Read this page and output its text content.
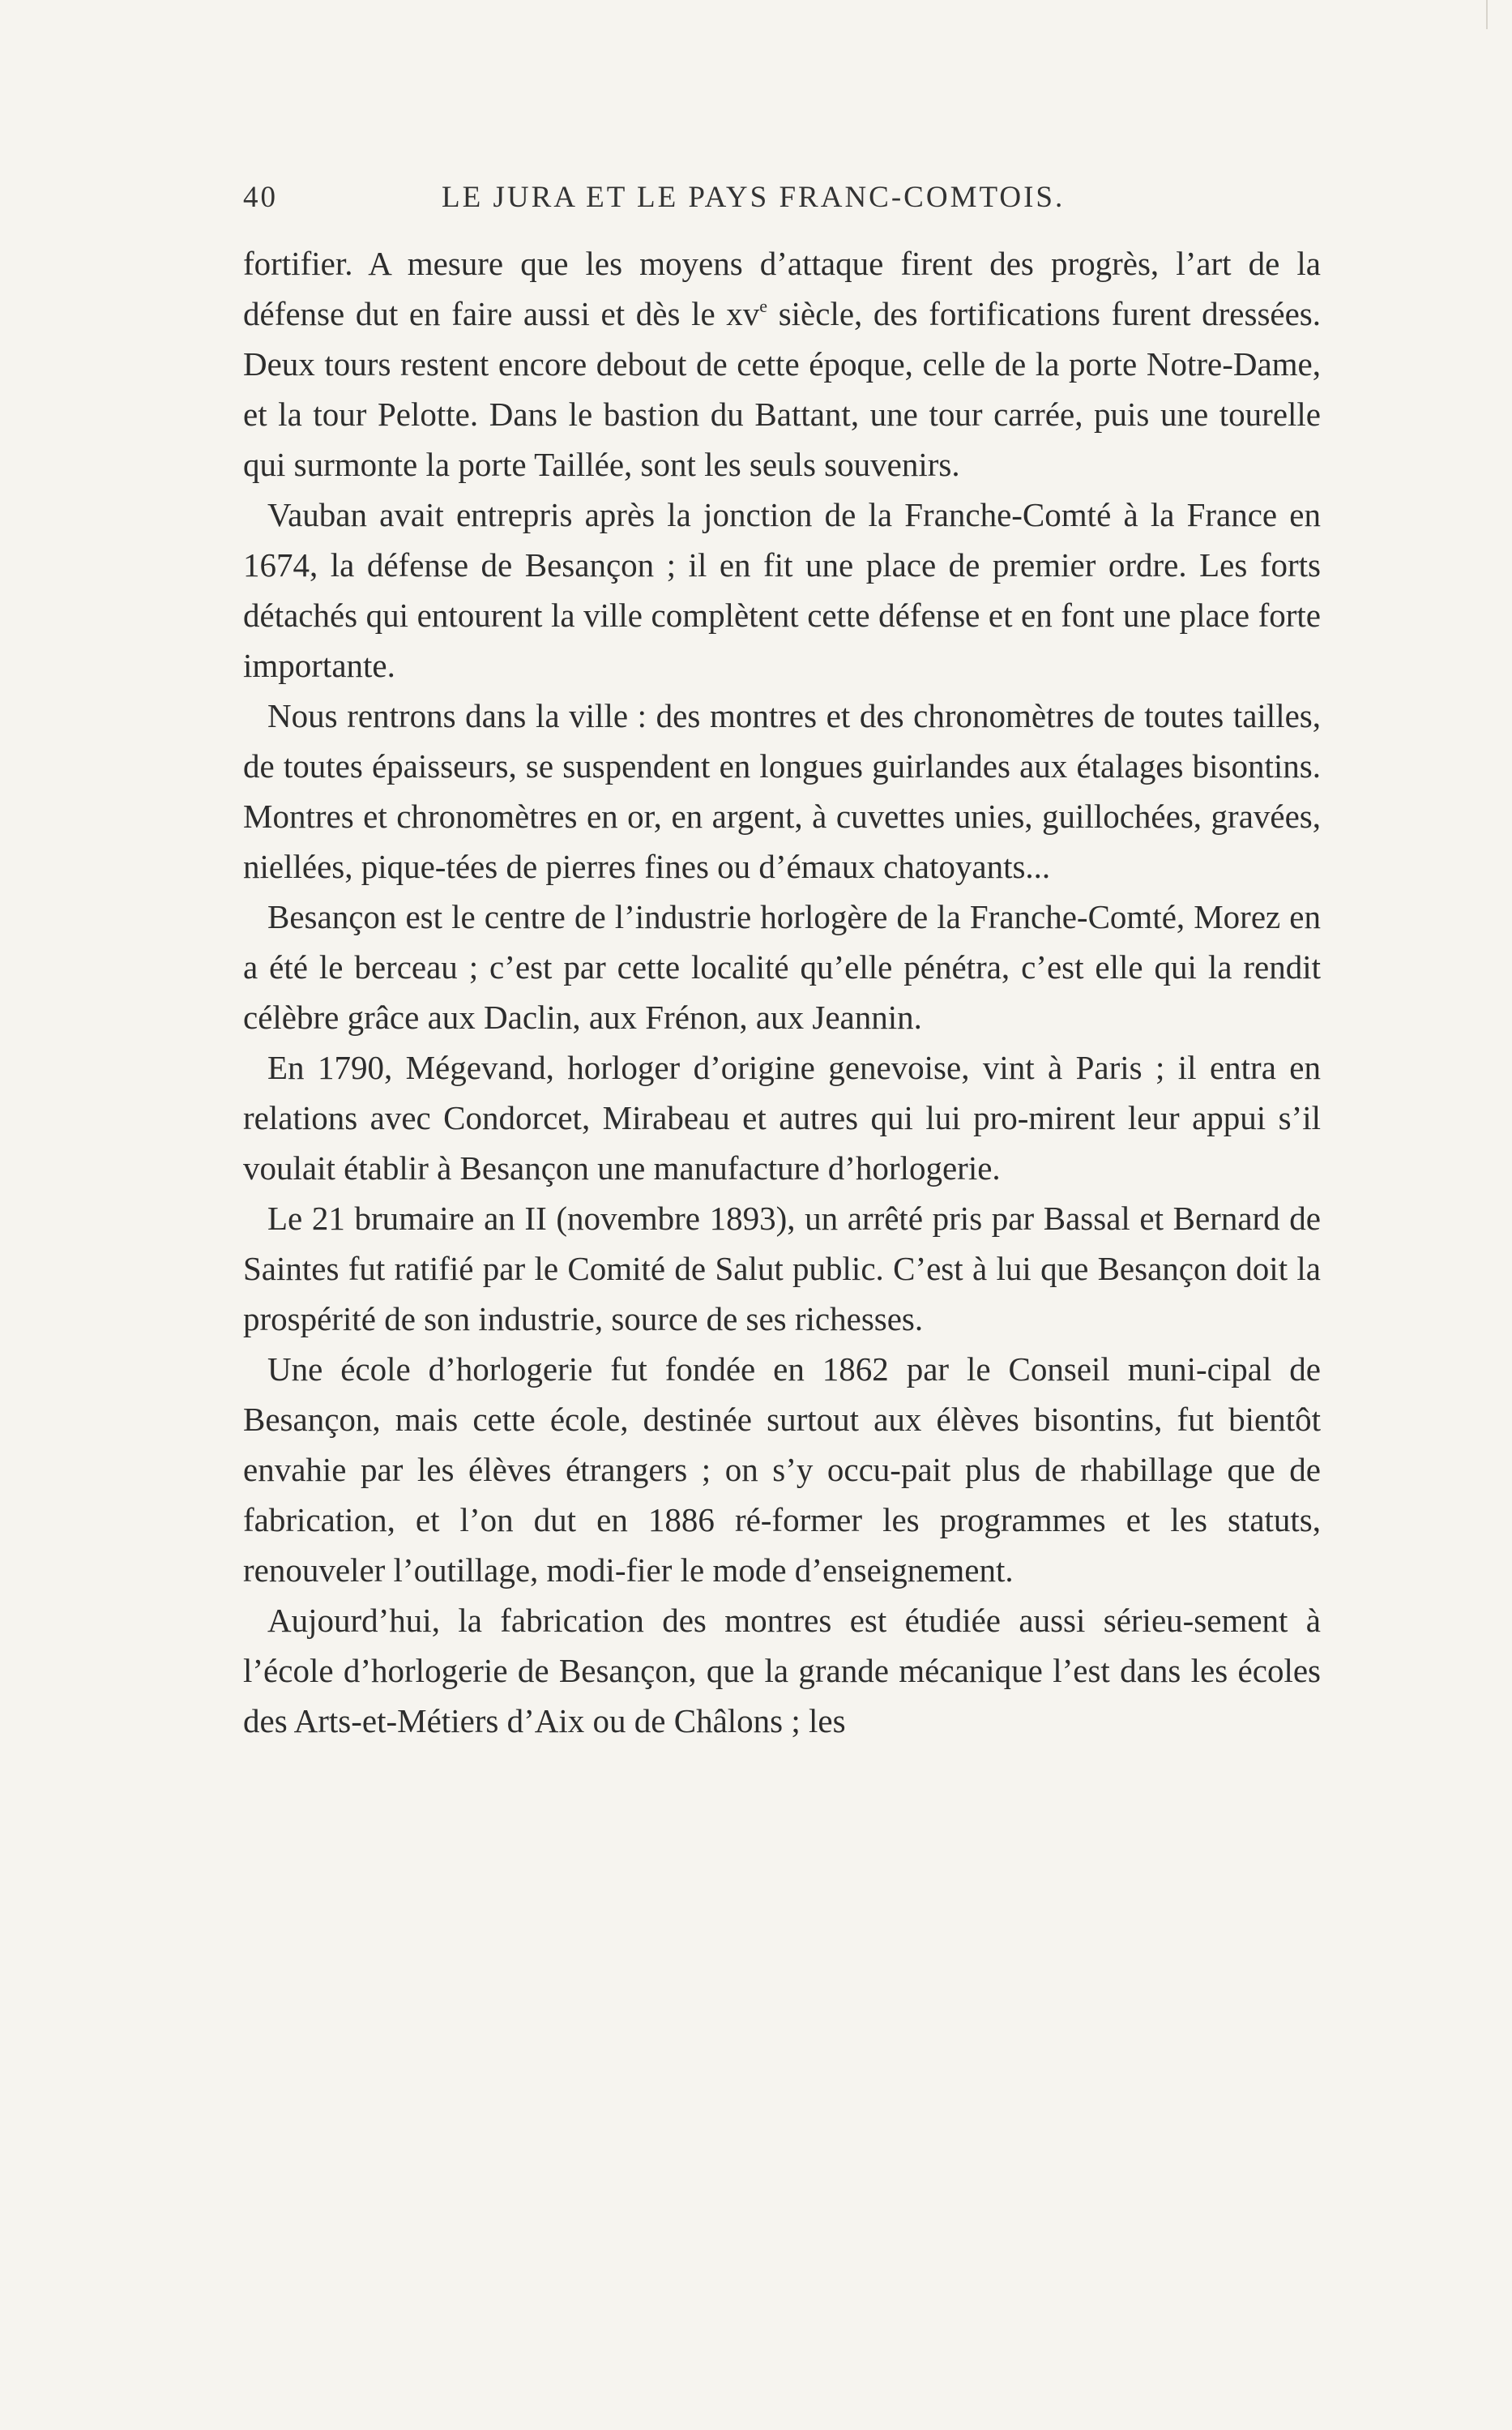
40	LE JURA ET LE PAYS FRANC-COMTOIS.

fortifier. A mesure que les moyens d’attaque firent des progrès, l’art de la défense dut en faire aussi et dès le $xv^e$ siècle, des fortifications furent dressées. Deux tours restent encore debout de cette époque, celle de la porte Notre-Dame, et la tour Pelotte. Dans le bastion du Battant, une tour carrée, puis une tourelle qui surmonte la porte Taillée, sont les seuls souvenirs.

Vauban avait entrepris après la jonction de la Franche-Comté à la France en 1674, la défense de Besançon ; il en fit une place de premier ordre. Les forts détachés qui entourent la ville complètent cette défense et en font une place forte importante.

Nous rentrons dans la ville : des montres et des chronomètres de toutes tailles, de toutes épaisseurs, se suspendent en longues guirlandes aux étalages bisontins. Montres et chronomètres en or, en argent, à cuvettes unies, guillochées, gravées, niellées, pique-tées de pierres fines ou d’émaux chatoyants...

Besançon est le centre de l’industrie horlogère de la Franche-Comté, Morez en a été le berceau ; c’est par cette localité qu’elle pénétra, c’est elle qui la rendit célèbre grâce aux Daclin, aux Frénon, aux Jeannin.

En 1790, Mégevand, horloger d’origine genevoise, vint à Paris ; il entra en relations avec Condorcet, Mirabeau et autres qui lui pro-mirent leur appui s’il voulait établir à Besançon une manufacture d’horlogerie.

Le 21 brumaire an II (novembre 1893), un arrêté pris par Bassal et Bernard de Saintes fut ratifié par le Comité de Salut public. C’est à lui que Besançon doit la prospérité de son industrie, source de ses richesses.

Une école d’horlogerie fut fondée en 1862 par le Conseil muni-cipal de Besançon, mais cette école, destinée surtout aux élèves bisontins, fut bientôt envahie par les élèves étrangers ; on s’y occu-pait plus de rhabillage que de fabrication, et l’on dut en 1886 ré-former les programmes et les statuts, renouveler l’outillage, modi-fier le mode d’enseignement.

Aujourd’hui, la fabrication des montres est étudiée aussi sérieu-sement à l’école d’horlogerie de Besançon, que la grande mécanique l’est dans les écoles des Arts-et-Métiers d’Aix ou de Châlons ; les
